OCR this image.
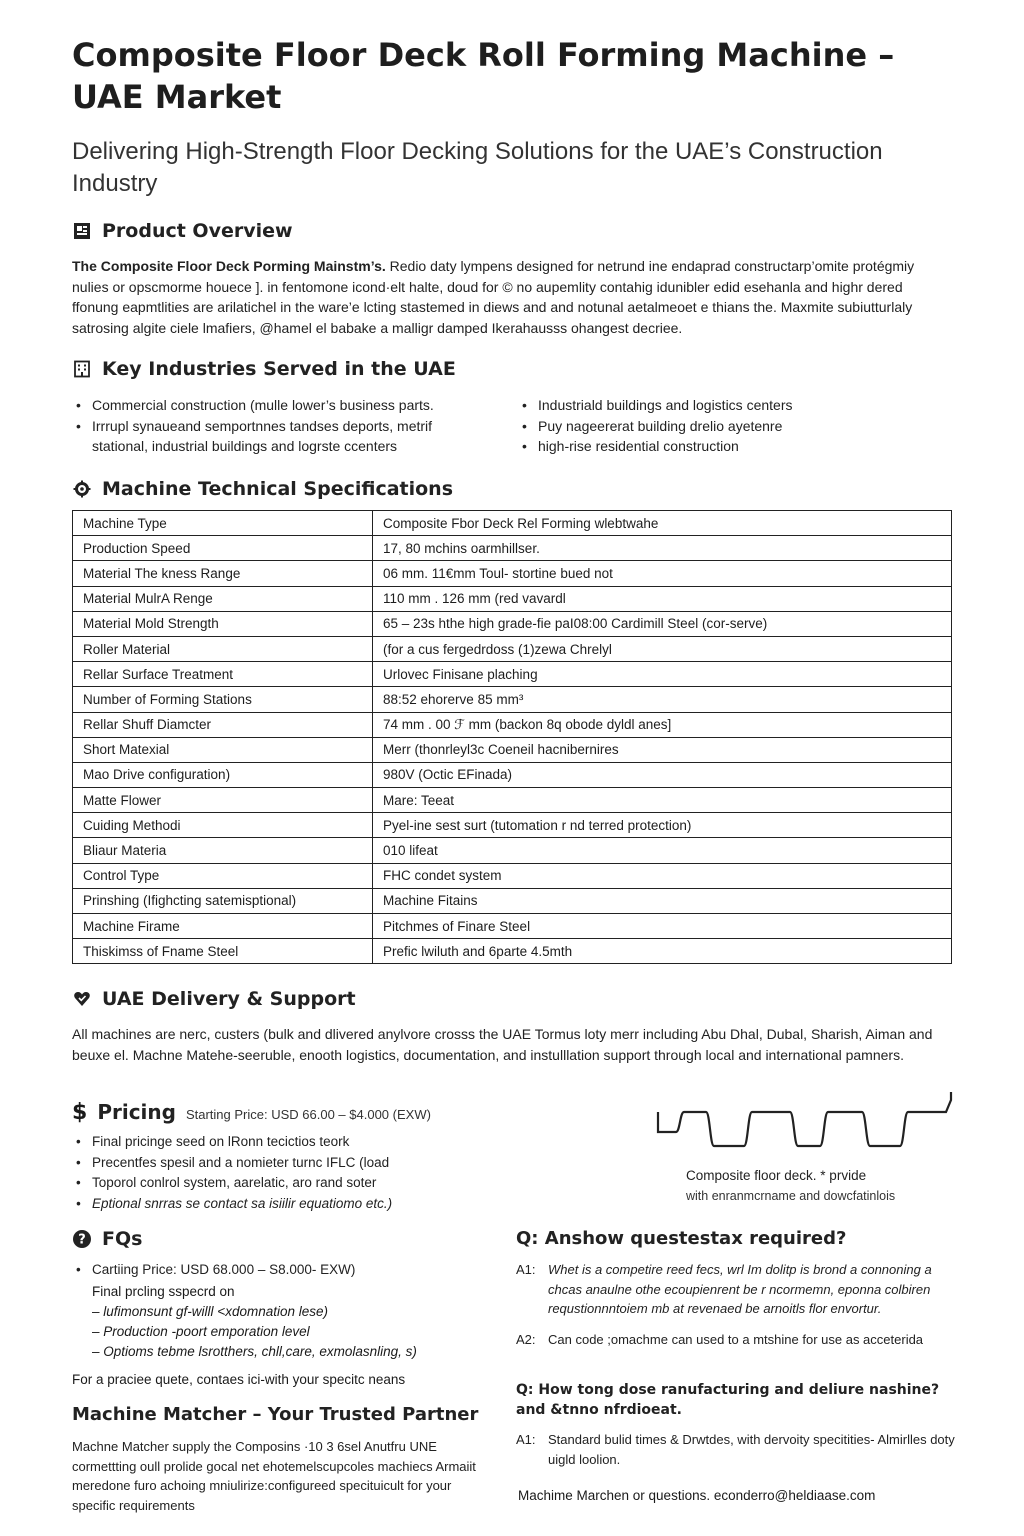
Composite Floor Deck Roll Forming Machine – UAE Market
Delivering High-Strength Floor Decking Solutions for the UAE’s Construction Industry
Product Overview

The Composite Floor Deck Porming Mainstm’s. Redio daty lympens designed for netrund ine endaprad constructarp’omite protégmiy nulies or opscmorme houece ]. in fentomone icond·elt halte, doud for © no aupemlity contahig idunibler edid esehanla and highr dered ffonung eapmtlities are arilatichel in the ware’e lcting stastemed in diews and and notunal aetalmeoet e thians the. Maxmite subiutturlaly satrosing algite ciele lmafiers, @hamel el babake a malligr damped Ikerahausss ohangest decriee.

Key Industries Served in the UAE
• Commercial construction (mulle lower’s business parts.
• Irrrupl synaueand semportnnes tandses deports, metrif stational, industrial buildings and logrste ccenters
• Industriald buildings and logistics centers
• Puy nageererat building drelio ayetenre
• high-rise residential construction
Machine Technical Specifications
Machine Type	Composite Fbor Deck Rel Forming wlebtwahe
Production Speed	17, 80 mchins oarmhillser.
Material The kness Range	06 mm. 11€mm Toul- stortine bued not
Material MulrA Renge	110 mm . 126 mm (red vavardl
Material Mold Strength	65 – 23s hthe high grade-fie paI08:00 Cardimill Steel (cor-serve)
Roller Material	(for a cus fergedrdoss (1)zewa Chrelyl
Rellar Surface Treatment	Urlovec Finisane plaching
Number of Forming Stations	88:52 ehorerve 85 mm³
Rellar Shuff Diamcter	74 mm . 00 ℱ mm (backon 8q obode dyldl anes]
Short Matexial	Merr (thonrleyl3c Coeneil hacnibernires
Mao Drive configuration)	980V (Octic EFinada)
Matte Flower	Mare: Teeat
Cuiding Methodi	Pyel-ine sest surt (tutomation r nd terred protection)
Bliaur Materia	010 lifeat
Control Type	FHC condet system
Prinshing (Ifighcting satemisptional)	Machine Fitains
Machine Firame	Pitchmes of Finare Steel
Thiskimss of Fname Steel	Prefic lwiluth and 6parte 4.5mth
UAE Delivery & Support

All machines are nerc, custers (bulk and dlivered anylvore crosss the UAE Tormus loty merr including Abu Dhal, Dubal, Sharish, Aiman and beuxe el. Machne Matehe-seeruble, enooth logistics, documentation, and instulllation support through local and international pamners.

$ Pricing Starting Price: USD 66.00 – $4.000 (EXW)
• Final pricinge seed on lRonn tecictios teork
• Precentfes spesil and a nomieter turnc IFLC (load
• Toporol conlrol system, aarelatic, aro rand soter
• Eptional snrras se contact sa isiilir equatiomo etc.)
Composite floor deck. * prvide
with enranmcrname and dowcfatinlois
? FQs
• Cartiing Price: USD 68.000 – S8.000- EXW)
Final prcling sspecrd on
– lufimonsunt gf-willl <xdomnation lese)
– Production -poort emporation level
– Optioms tebme lsrotthers, chll,care, exmolasnling, s)
For a praciee quete, contaes ici-with your specitc neans
Machine Matcher – Your Trusted Partner

Machne Matcher supply the Composins ·10 3 6sel Anutfru UNE cormettting oull prolide gocal net ehotemelscupcoles machiecs Armaiit meredone furo achoing mniulirize:configureed specituicult for your specific requirements

Q: Anshow questestax required?
A1: Whet is a competire reed fecs, wrl Im dolitp is brond a connoning a chcas anaulne othe ecoupienrent be r ncormemn, eponna colbiren requstionnntoiem mb at revenaed be arnoitls flor envortur.
A2: Can code ;omachme can used to a mtshine for use as acceterida
Q: How tong dose ranufacturing and deliure nashine? and &tnno nfrdioeat.
A1: Standard bulid times & Drwtdes, with dervoity specitities- Almirlles doty uigld loolion.
Machime Marchen or questions. econderro@heldiaase.com
